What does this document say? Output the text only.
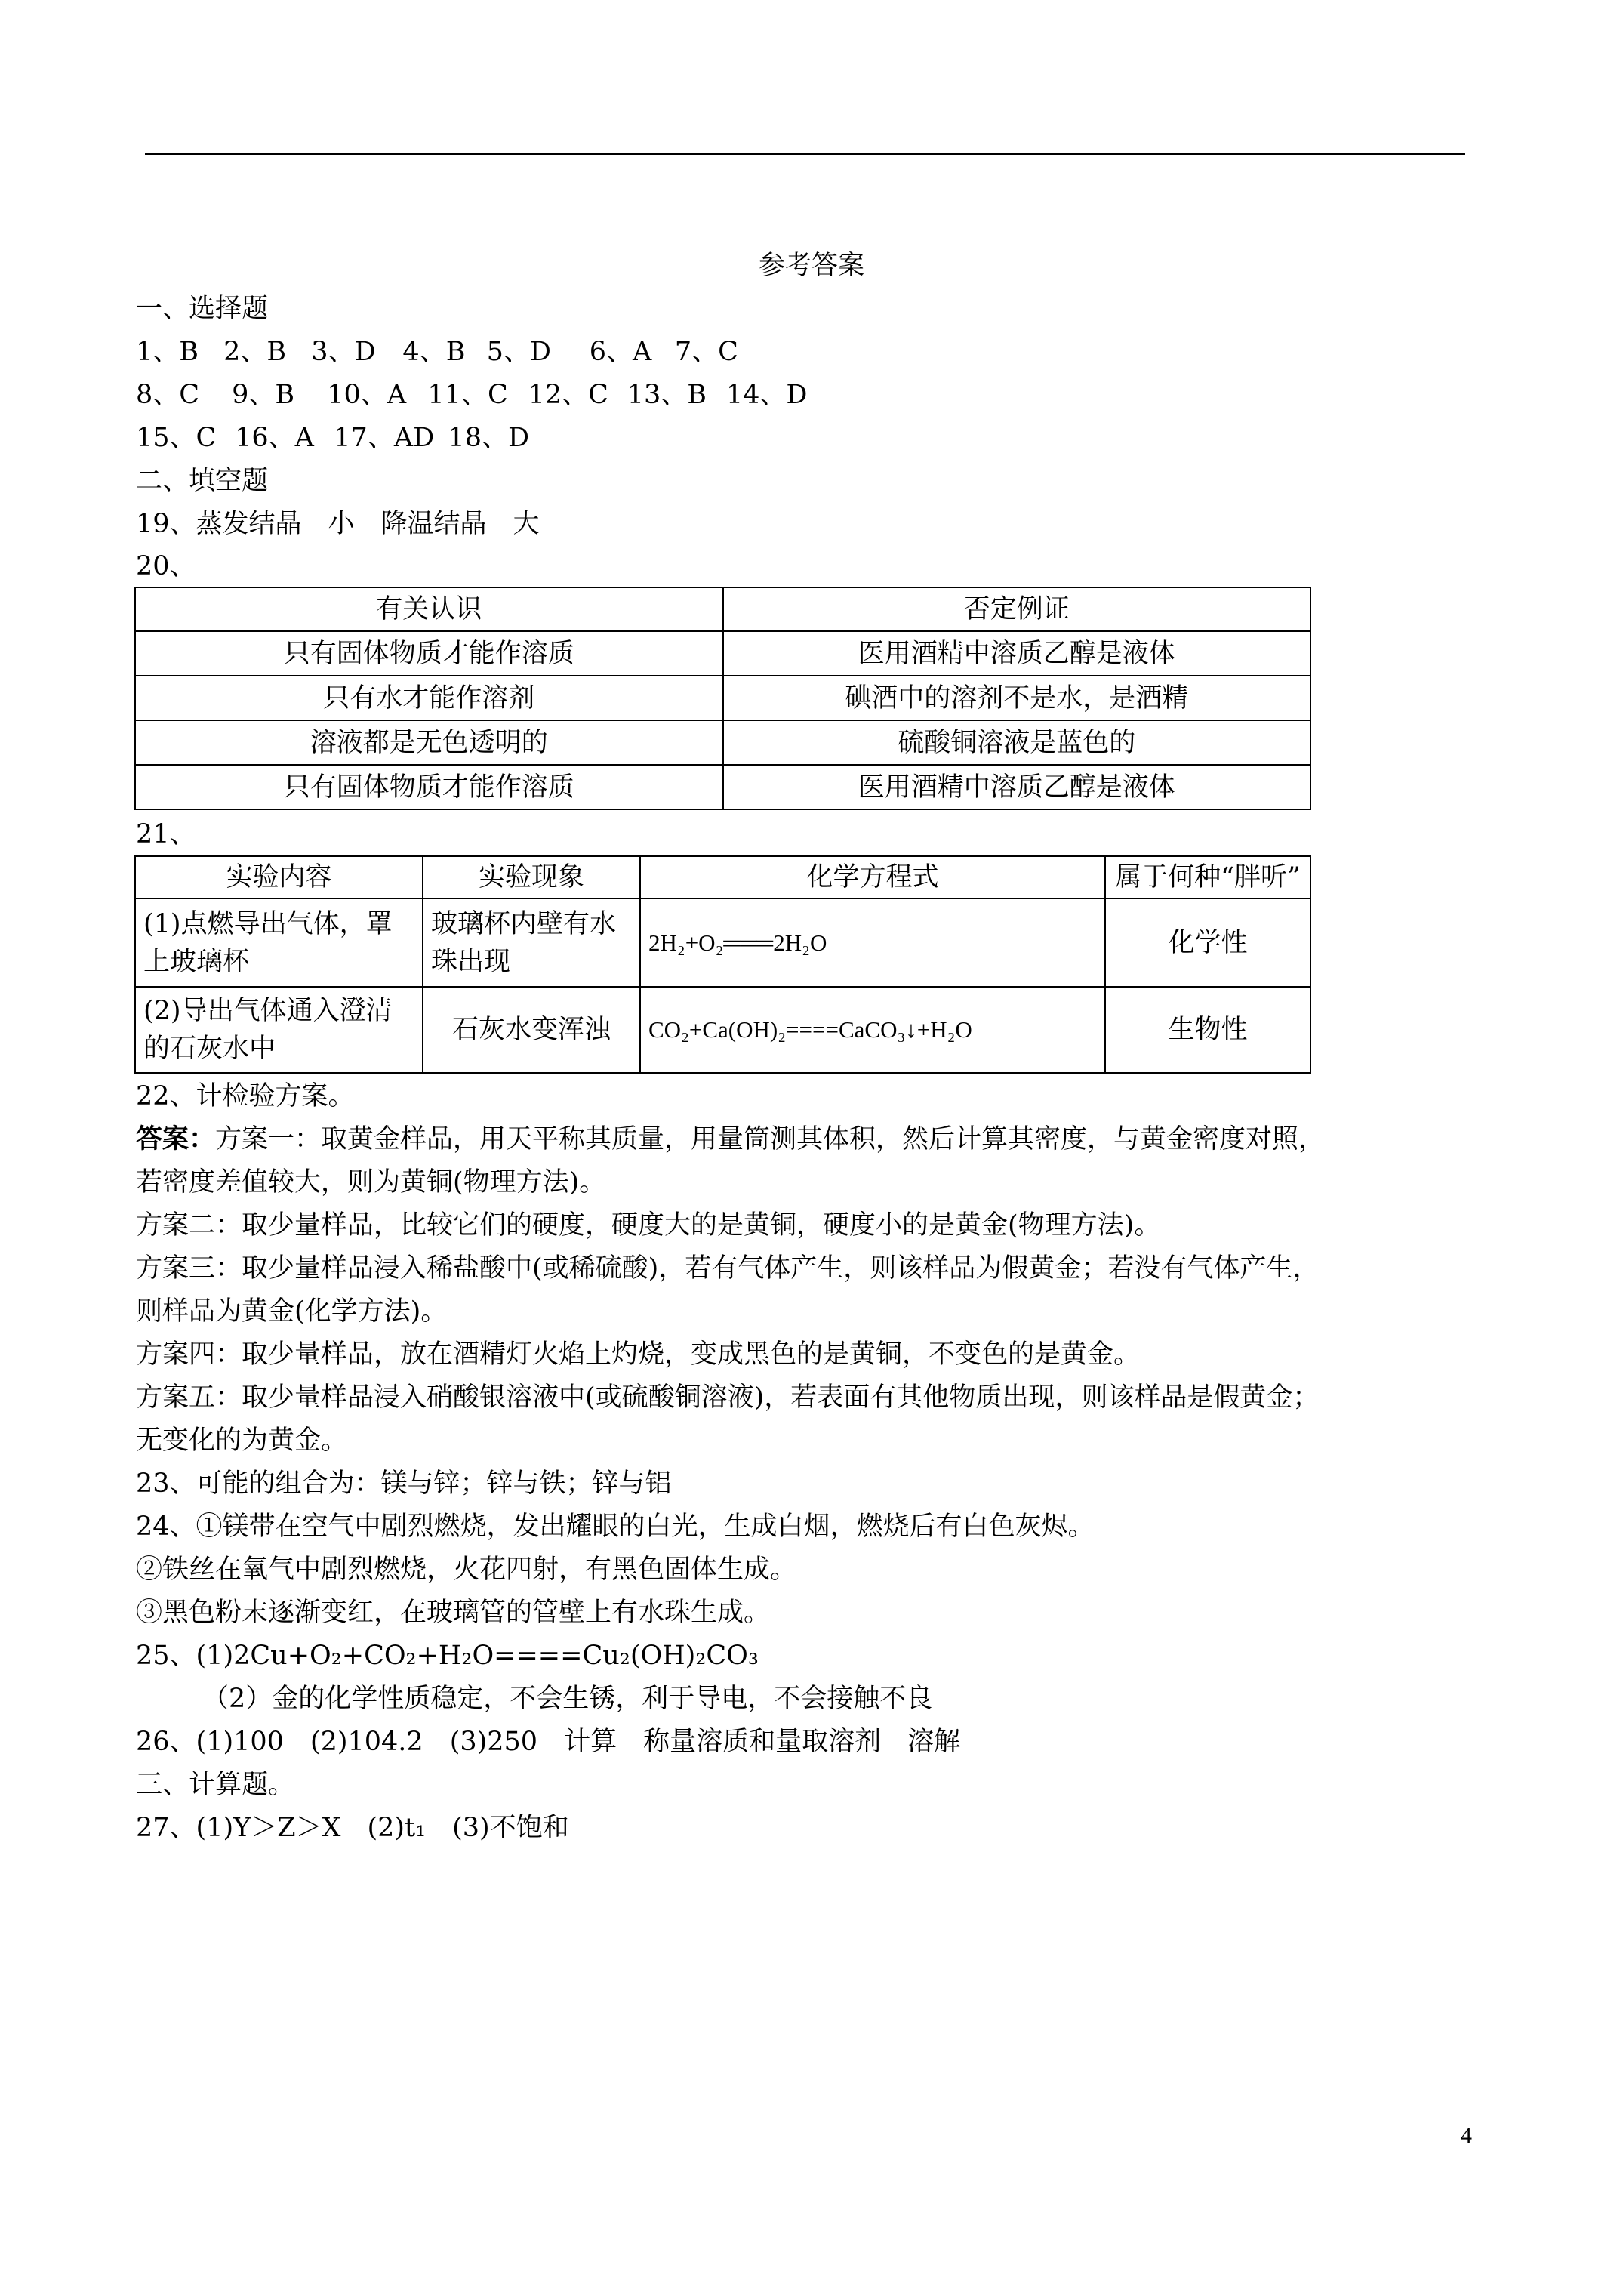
参考答案
一、选择题
1、B 2、B 3、D 4、B 5、D 6、A 7、C
8、C 9、B 10、A 11、C 12、C 13、B 14、D
15、C 16、A 17、AD 18、D
二、填空题
19、蒸发结晶　小　降温结晶　大
20、
有关认识	否定例证
只有固体物质才能作溶质	医用酒精中溶质乙醇是液体
只有水才能作溶剂	碘酒中的溶剂不是水，是酒精
溶液都是无色透明的	硫酸铜溶液是蓝色的
只有固体物质才能作溶质	医用酒精中溶质乙醇是液体
21、
实验内容	实验现象	化学方程式	属于何种“胖听”
(1)点燃导出气体，罩上玻璃杯	玻璃杯内壁有水珠出现	2H₂+O₂═══2H₂O	化学性
(2)导出气体通入澄清的石灰水中	石灰水变浑浊	CO₂+Ca(OH)₂====CaCO₃↓+H₂O	生物性
22、计检验方案。
答案：方案一：取黄金样品，用天平称其质量，用量筒测其体积，然后计算其密度，与黄金密度对照，
若密度差值较大，则为黄铜(物理方法)。
方案二：取少量样品，比较它们的硬度，硬度大的是黄铜，硬度小的是黄金(物理方法)。
方案三：取少量样品浸入稀盐酸中(或稀硫酸)，若有气体产生，则该样品为假黄金；若没有气体产生，
则样品为黄金(化学方法)。
方案四：取少量样品，放在酒精灯火焰上灼烧，变成黑色的是黄铜，不变色的是黄金。
方案五：取少量样品浸入硝酸银溶液中(或硫酸铜溶液)，若表面有其他物质出现，则该样品是假黄金；
无变化的为黄金。
23、可能的组合为：镁与锌；锌与铁；锌与铝
24、①镁带在空气中剧烈燃烧，发出耀眼的白光，生成白烟，燃烧后有白色灰烬。
②铁丝在氧气中剧烈燃烧，火花四射，有黑色固体生成。
③黑色粉末逐渐变红，在玻璃管的管壁上有水珠生成。
25、(1)2Cu+O₂+CO₂+H₂O====Cu₂(OH)₂CO₃
（2）金的化学性质稳定，不会生锈，利于导电，不会接触不良
26、(1)100　(2)104.2　(3)250　计算　称量溶质和量取溶剂　溶解
三、计算题。
27、(1)Y＞Z＞X　(2)t₁　(3)不饱和
4
